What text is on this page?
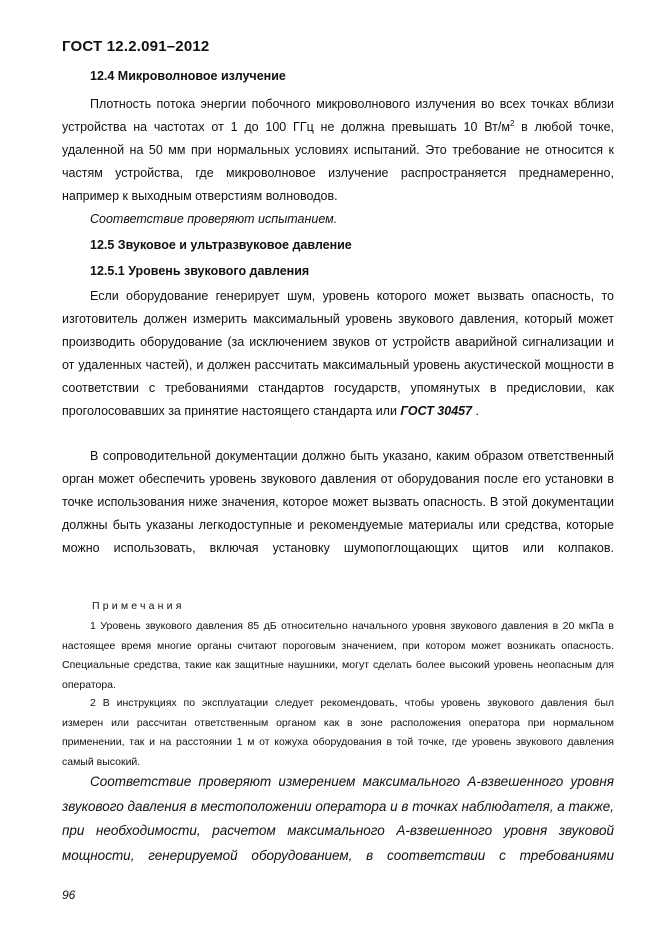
ГОСТ 12.2.091–2012
12.4 Микроволновое излучение

Плотность потока энергии побочного микроволнового излучения во всех точках вблизи устройства на частотах от 1 до 100 ГГц не должна превышать 10 $Вт/м^2$ в любой точке, удаленной на 50 мм при нормальных условиях испытаний. Это требование не относится к частям устройства, где микроволновое излучение распространяется преднамеренно, например к выходным отверстиям волноводов.

Соответствие проверяют испытанием.
12.5 Звуковое и ультразвуковое давление
12.5.1 Уровень звукового давления

Если оборудование генерирует шум, уровень которого может вызвать опасность, то изготовитель должен измерить максимальный уровень звукового давления, который может производить оборудование (за исключением звуков от устройств аварийной сигнализации и от удаленных частей), и должен рассчитать максимальный уровень акустической мощности в соответствии с требованиями стандартов государств, упомянутых в предисловии, как проголосовавших за принятие настоящего стандарта или ГОСТ 30457 .

В сопроводительной документации должно быть указано, каким образом ответственный орган может обеспечить уровень звукового давления от оборудования после его установки в точке использования ниже значения, которое может вызвать опасность. В этой документации должны быть указаны легкодоступные и рекомендуемые материалы или средства, которые можно использовать, включая установку шумопоглощающих щитов или колпаков.

Примечания

1 Уровень звукового давления 85 дБ относительно начального уровня звукового давления в 20 мкПа в настоящее время многие органы считают пороговым значением, при котором может возникать опасность. Специальные средства, такие как защитные наушники, могут сделать более высокий уровень неопасным для оператора.

2 В инструкциях по эксплуатации следует рекомендовать, чтобы уровень звукового давления был измерен или рассчитан ответственным органом как в зоне расположения оператора при нормальном применении, так и на расстоянии 1 м от кожуха оборудования в той точке, где уровень звукового давления самый высокий.

Соответствие проверяют измерением максимального А-взвешенного уровня звукового давления в местоположении оператора и в точках наблюдателя, а также, при необходимости, расчетом максимального А-взвешенного уровня звуковой мощности, генерируемой оборудованием, в соответствии с требованиями

96
